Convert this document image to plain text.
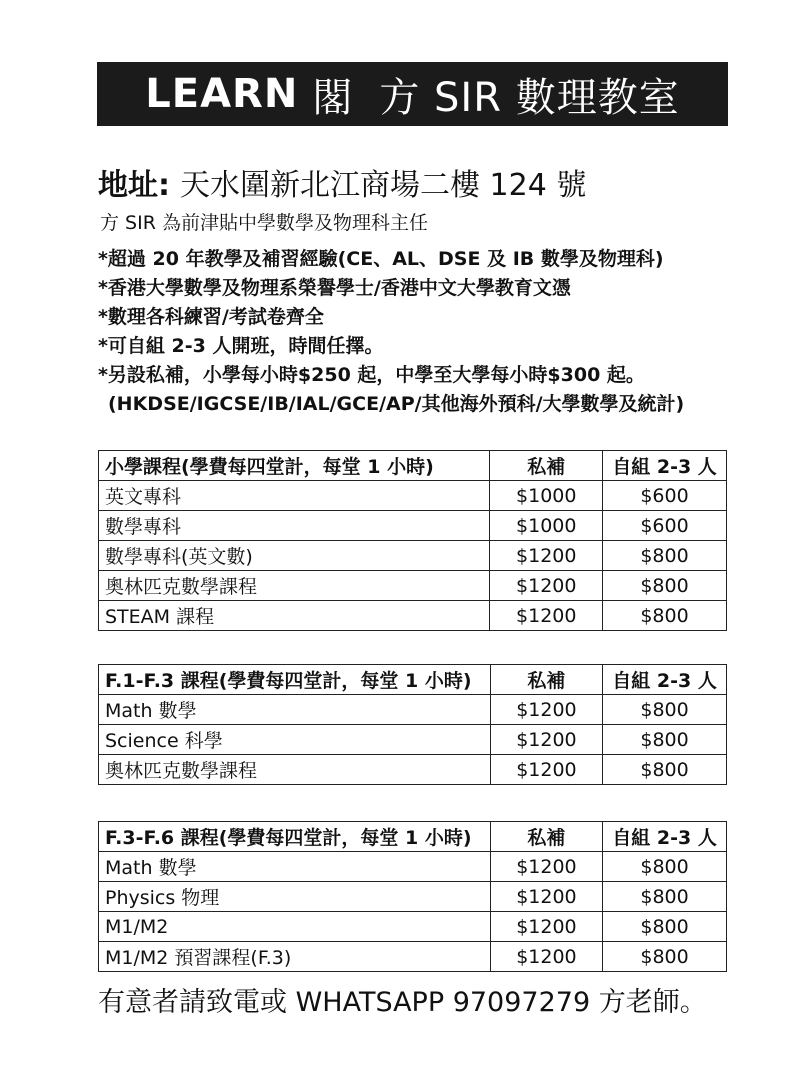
LEARN 閣 方 SIR 數理教室
地址: 天水圍新北江商場二樓 124 號
方 SIR 為前津貼中學數學及物理科主任
*超過 20 年教學及補習經驗(CE、AL、DSE 及 IB 數學及物理科)
*香港大學數學及物理系榮譽學士/香港中文大學教育文憑
*數理各科練習/考試卷齊全
*可自組 2-3 人開班，時間任擇。
*另設私補，小學每小時$250 起，中學至大學每小時$300 起。
(HKDSE/IGCSE/IB/IAL/GCE/AP/其他海外預科/大學數學及統計)
小學課程(學費每四堂計，每堂 1 小時)	私補	自組 2-3 人
英文專科	$1000	$600
數學專科	$1000	$600
數學專科(英文數)	$1200	$800
奧林匹克數學課程	$1200	$800
STEAM 課程	$1200	$800
F.1-F.3 課程(學費每四堂計，每堂 1 小時)	私補	自組 2-3 人
Math 數學	$1200	$800
Science 科學	$1200	$800
奧林匹克數學課程	$1200	$800
F.3-F.6 課程(學費每四堂計，每堂 1 小時)	私補	自組 2-3 人
Math 數學	$1200	$800
Physics 物理	$1200	$800
M1/M2	$1200	$800
M1/M2 預習課程(F.3)	$1200	$800
有意者請致電或 WHATSAPP 97097279 方老師。
